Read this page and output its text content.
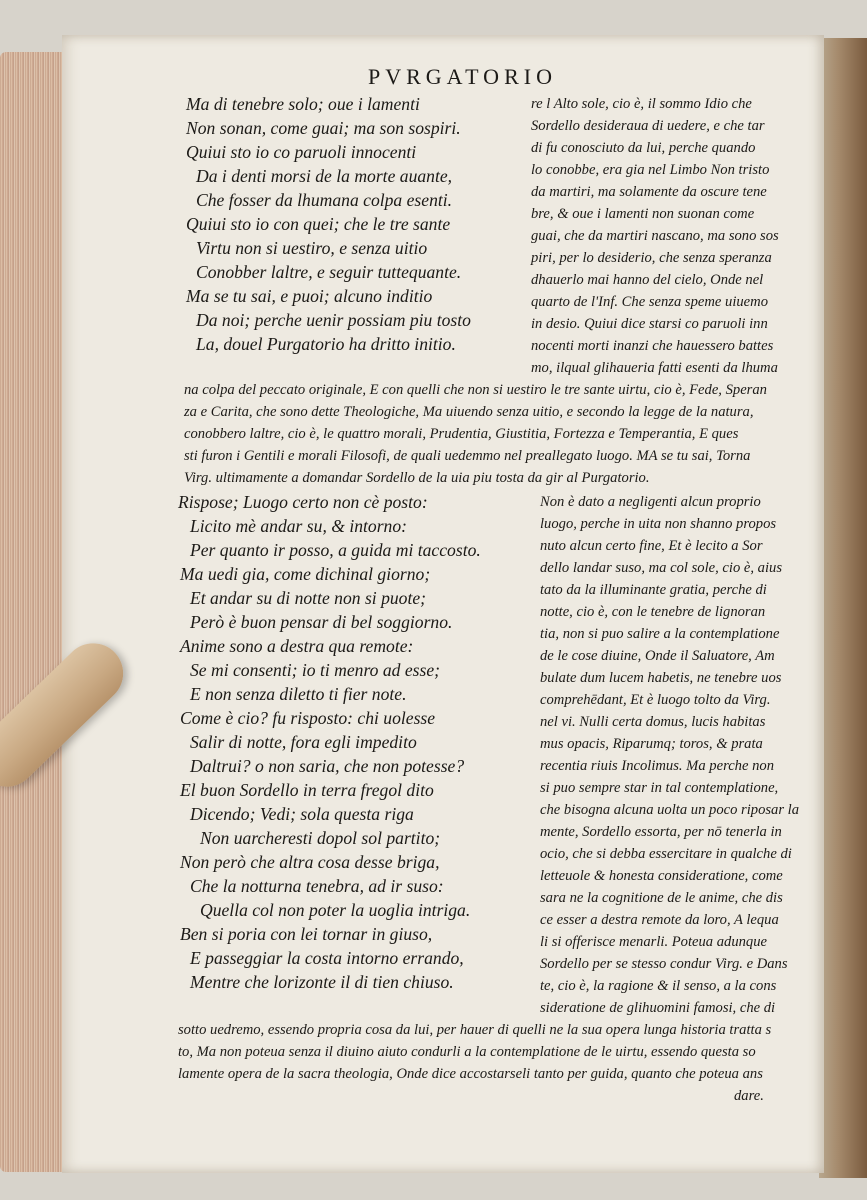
PVRGATORIO
Ma di tenebre solo; oue i lamenti
Non sonan, come guai; ma son sospiri.
Quiui sto io co paruoli innocenti
Da i denti morsi de la morte auante,
Che fosser da lhumana colpa esenti.
Quiui sto io con quei; che le tre sante
Virtu non si uestiro, e senza uitio
Conobber laltre, e seguir tuttequante.
Ma se tu sai, e puoi; alcuno inditio
Da noi; perche uenir possiam piu tosto
La, douel Purgatorio ha dritto initio.
re l Alto sole, cio è, il sommo Idio che
Sordello desideraua di uedere, e che tar
di fu conosciuto da lui, perche quando
lo conobbe, era gia nel Limbo Non tristo
da martiri, ma solamente da oscure tene
bre, & oue i lamenti non suonan come
guai, che da martiri nascano, ma sono sos
piri, per lo desiderio, che senza speranza
dhauerlo mai hanno del cielo, Onde nel
quarto de l'Inf. Che senza speme uiuemo
in desio. Quiui dice starsi co paruoli inn
nocenti morti inanzi che hauessero battes
mo, ilqual glihaueria fatti esenti da lhuma
na colpa del peccato originale, E con quelli che non si uestiro le tre sante uirtu, cio è, Fede, Speran
za e Carita, che sono dette Theologiche, Ma uiuendo senza uitio, e secondo la legge de la natura,
conobbero laltre, cio è, le quattro morali, Prudentia, Giustitia, Fortezza e Temperantia, E ques
sti furon i Gentili e morali Filosofi, de quali uedemmo nel preallegato luogo. MA se tu sai, Torna
Virg. ultimamente a domandar Sordello de la uia piu tosta da gir al Purgatorio.
Rispose; Luogo certo non cè posto:
Licito mè andar su, & intorno:
Per quanto ir posso, a guida mi taccosto.
Ma uedi gia, come dichinal giorno;
Et andar su di notte non si puote;
Però è buon pensar di bel soggiorno.
Anime sono a destra qua remote:
Se mi consenti; io ti menro ad esse;
E non senza diletto ti fier note.
Come è cio? fu risposto: chi uolesse
Salir di notte, fora egli impedito
Daltrui? o non saria, che non potesse?
El buon Sordello in terra fregol dito
Dicendo; Vedi; sola questa riga
Non uarcheresti dopol sol partito;
Non però che altra cosa desse briga,
Che la notturna tenebra, ad ir suso:
Quella col non poter la uoglia intriga.
Ben si poria con lei tornar in giuso,
E passeggiar la costa intorno errando,
Mentre che lorizonte il di tien chiuso.
Non è dato a negligenti alcun proprio
luogo, perche in uita non shanno propos
nuto alcun certo fine, Et è lecito a Sor
dello landar suso, ma col sole, cio è, aius
tato da la illuminante gratia, perche di
notte, cio è, con le tenebre de lignoran
tia, non si puo salire a la contemplatione
de le cose diuine, Onde il Saluatore, Am
bulate dum lucem habetis, ne tenebre uos
comprehēdant, Et è luogo tolto da Virg.
nel vi. Nulli certa domus, lucis habitas
mus opacis, Riparumq; toros, & prata
recentia riuis Incolimus. Ma perche non
si puo sempre star in tal contemplatione,
che bisogna alcuna uolta un poco riposar la
mente, Sordello essorta, per nō tenerla in
ocio, che si debba essercitare in qualche di
letteuole & honesta consideratione, come
sara ne la cognitione de le anime, che dis
ce esser a destra remote da loro, A lequa
li si offerisce menarli. Poteua adunque
Sordello per se stesso condur Virg. e Dans
te, cio è, la ragione & il senso, a la cons
sideratione de glihuomini famosi, che di
sotto uedremo, essendo propria cosa da lui, per hauer di quelli ne la sua opera lunga historia tratta s
to, Ma non poteua senza il diuino aiuto condurli a la contemplatione de le uirtu, essendo questa so
lamente opera de la sacra theologia, Onde dice accostarseli tanto per guida, quanto che poteua ans
dare.
